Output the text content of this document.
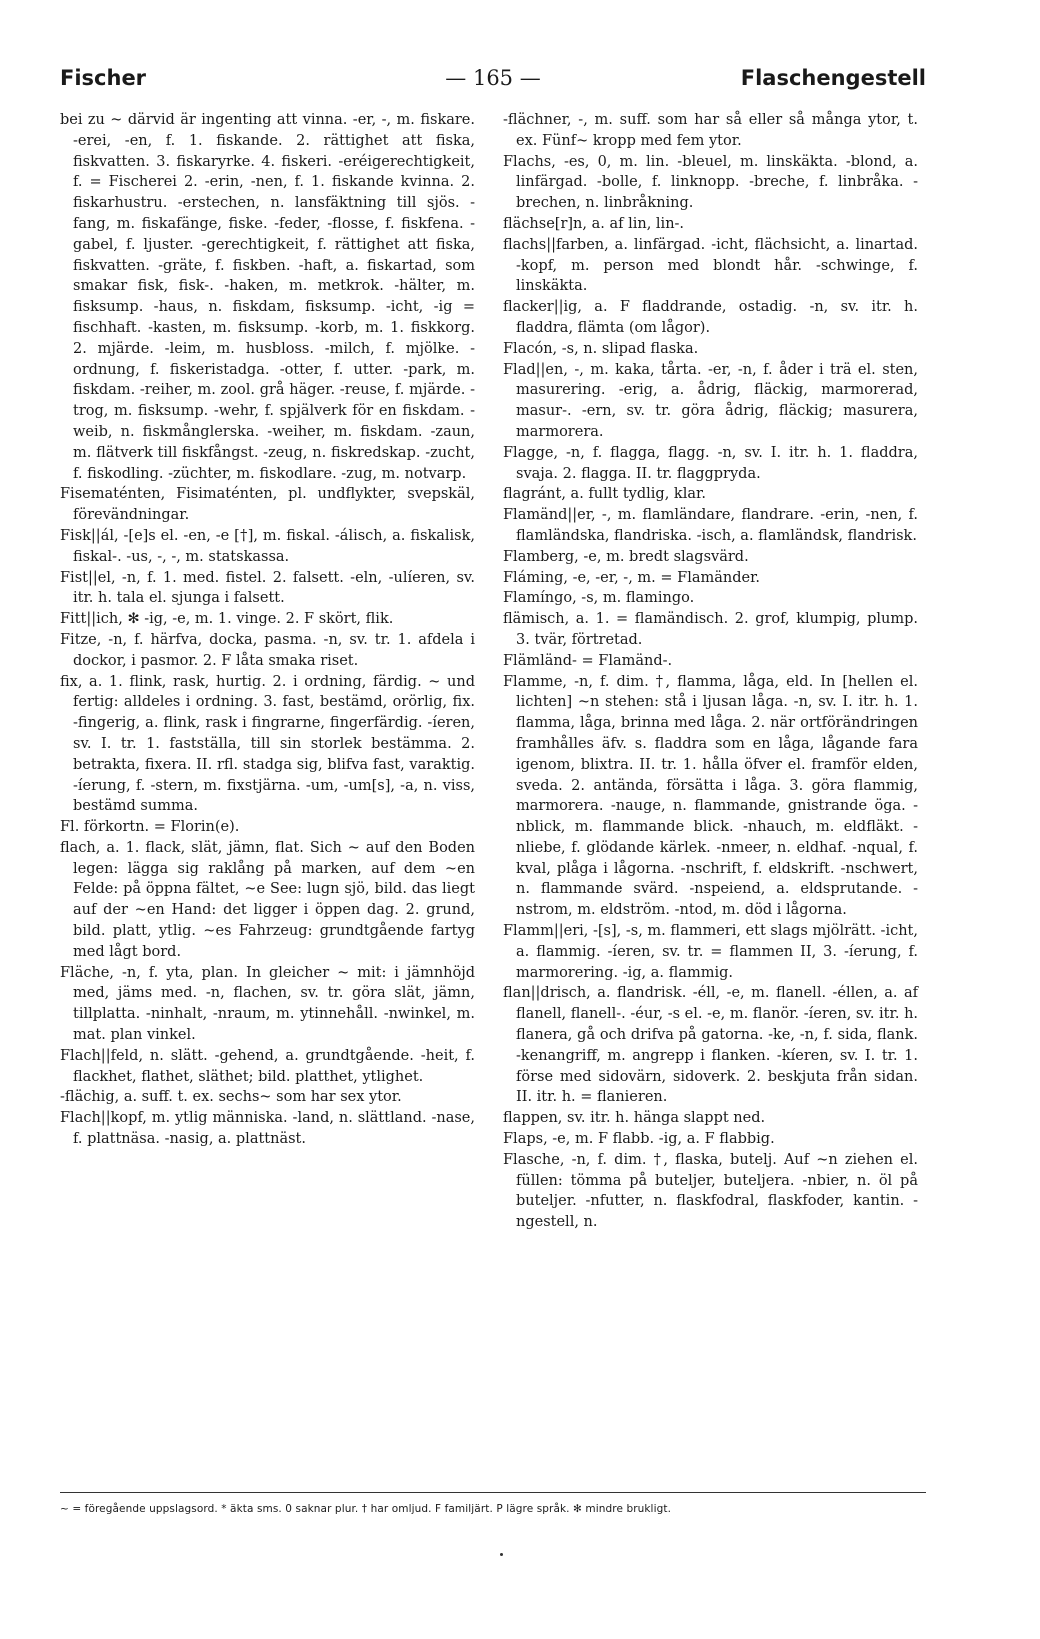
Fischer	— 165 —	Flaschengestell

bei zu ~ därvid är ingenting att vinna. -er, -, m. fiskare. -erei, -en, f. 1. fiskande. 2. rättighet att fiska, fiskvatten. 3. fiskaryrke. 4. fiskeri. -eréigerechtigkeit, f. = Fischerei 2. -erin, -nen, f. 1. fiskande kvinna. 2. fiskarhustru. -erstechen, n. lansfäktning till sjös. -fang, m. fiskafänge, fiske. -feder, -flosse, f. fiskfena. -gabel, f. ljuster. -gerechtigkeit, f. rättighet att fiska, fiskvatten. -gräte, f. fiskben. -haft, a. fiskartad, som smakar fisk, fisk-. -haken, m. metkrok. -hälter, m. fisksump. -haus, n. fiskdam, fisksump. -icht, -ig = fischhaft. -kasten, m. fisksump. -korb, m. 1. fiskkorg. 2. mjärde. -leim, m. husbloss. -milch, f. mjölke. -ordnung, f. fiskeristadga. -otter, f. utter. -park, m. fiskdam. -reiher, m. zool. grå häger. -reuse, f. mjärde. -trog, m. fisksump. -wehr, f. spjälverk för en fiskdam. -weib, n. fiskmånglerska. -weiher, m. fiskdam. -zaun, m. flätverk till fiskfångst. -zeug, n. fiskredskap. -zucht, f. fiskodling. -züchter, m. fiskodlare. -zug, m. notvarp.

Fisematénten, Fisimaténten, pl. undflykter, svepskäl, förevändningar.

Fisk||ál, -[e]s el. -en, -e [†], m. fiskal. -álisch, a. fiskalisk, fiskal-. -us, -, -, m. statskassa.

Fist||el, -n, f. 1. med. fistel. 2. falsett. -eln, -ulíeren, sv. itr. h. tala el. sjunga i falsett.

Fitt||ich, ✻ -ig, -e, m. 1. vinge. 2. F skört, flik.

Fitze, -n, f. härfva, docka, pasma. -n, sv. tr. 1. afdela i dockor, i pasmor. 2. F låta smaka riset.

fix, a. 1. flink, rask, hurtig. 2. i ordning, färdig. ~ und fertig: alldeles i ordning. 3. fast, bestämd, orörlig, fix. -fingerig, a. flink, rask i fingrarne, fingerfärdig. -íeren, sv. I. tr. 1. fastställa, till sin storlek bestämma. 2. betrakta, fixera. II. rfl. stadga sig, blifva fast, varaktig. -íerung, f. -stern, m. fixstjärna. -um, -um[s], -a, n. viss, bestämd summa.

Fl. förkortn. = Florin(e).

flach, a. 1. flack, slät, jämn, flat. Sich ~ auf den Boden legen: lägga sig raklång på marken, auf dem ~en Felde: på öppna fältet, ~e See: lugn sjö, bild. das liegt auf der ~en Hand: det ligger i öppen dag. 2. grund, bild. platt, ytlig. ~es Fahrzeug: grundtgående fartyg med lågt bord.

Fläche, -n, f. yta, plan. In gleicher ~ mit: i jämnhöjd med, jäms med. -n, flachen, sv. tr. göra slät, jämn, tillplatta. -ninhalt, -nraum, m. ytinnehåll. -nwinkel, m. mat. plan vinkel.

Flach||feld, n. slätt. -gehend, a. grundtgående. -heit, f. flackhet, flathet, släthet; bild. platthet, ytlighet.

-flächig, a. suff. t. ex. sechs~ som har sex ytor.

Flach||kopf, m. ytlig människa. -land, n. slättland. -nase, f. plattnäsa. -nasig, a. plattnäst.

-flächner, -, m. suff. som har så eller så många ytor, t. ex. Fünf~ kropp med fem ytor.

Flachs, -es, 0, m. lin. -bleuel, m. linskäkta. -blond, a. linfärgad. -bolle, f. linknopp. -breche, f. linbråka. -brechen, n. linbråkning.

flächse[r]n, a. af lin, lin-.

flachs||farben, a. linfärgad. -icht, flächsicht, a. linartad. -kopf, m. person med blondt hår. -schwinge, f. linskäkta.

flacker||ig, a. F fladdrande, ostadig. -n, sv. itr. h. fladdra, flämta (om lågor).

Flacón, -s, n. slipad flaska.

Flad||en, -, m. kaka, tårta. -er, -n, f. åder i trä el. sten, masurering. -erig, a. ådrig, fläckig, marmorerad, masur-. -ern, sv. tr. göra ådrig, fläckig; masurera, marmorera.

Flagge, -n, f. flagga, flagg. -n, sv. I. itr. h. 1. fladdra, svaja. 2. flagga. II. tr. flaggpryda.

flagránt, a. fullt tydlig, klar.

Flamänd||er, -, m. flamländare, flandrare. -erin, -nen, f. flamländska, flandriska. -isch, a. flamländsk, flandrisk.

Flamberg, -e, m. bredt slagsvärd.

Fláming, -e, -er, -, m. = Flamänder.

Flamíngo, -s, m. flamingo.

flämisch, a. 1. = flamändisch. 2. grof, klumpig, plump. 3. tvär, förtretad.

Flämländ- = Flamänd-.

Flamme, -n, f. dim. †, flamma, låga, eld. In [hellen el. lichten] ~n stehen: stå i ljusan låga. -n, sv. I. itr. h. 1. flamma, låga, brinna med låga. 2. när ortförändringen framhålles äfv. s. fladdra som en låga, lågande fara igenom, blixtra. II. tr. 1. hålla öfver el. framför elden, sveda. 2. antända, försätta i låga. 3. göra flammig, marmorera. -nauge, n. flammande, gnistrande öga. -nblick, m. flammande blick. -nhauch, m. eldfläkt. -nliebe, f. glödande kärlek. -nmeer, n. eldhaf. -nqual, f. kval, plåga i lågorna. -nschrift, f. eldskrift. -nschwert, n. flammande svärd. -nspeiend, a. eldsprutande. -nstrom, m. eldström. -ntod, m. död i lågorna.

Flamm||eri, -[s], -s, m. flammeri, ett slags mjölrätt. -icht, a. flammig. -íeren, sv. tr. = flammen II, 3. -íerung, f. marmorering. -ig, a. flammig.

flan||drisch, a. flandrisk. -éll, -e, m. flanell. -éllen, a. af flanell, flanell-. -éur, -s el. -e, m. flanör. -íeren, sv. itr. h. flanera, gå och drifva på gatorna. -ke, -n, f. sida, flank. -kenangriff, m. angrepp i flanken. -kíeren, sv. I. tr. 1. förse med sidovärn, sidoverk. 2. beskjuta från sidan. II. itr. h. = flanieren.

flappen, sv. itr. h. hänga slappt ned.

Flaps, -e, m. F flabb. -ig, a. F flabbig.

Flasche, -n, f. dim. †, flaska, butelj. Auf ~n ziehen el. füllen: tömma på buteljer, buteljera. -nbier, n. öl på buteljer. -nfutter, n. flaskfodral, flaskfoder, kantin. -ngestell, n.

~ = föregående uppslagsord. * äkta sms. 0 saknar plur. † har omljud. F familjärt. P lägre språk. ✻ mindre brukligt.
